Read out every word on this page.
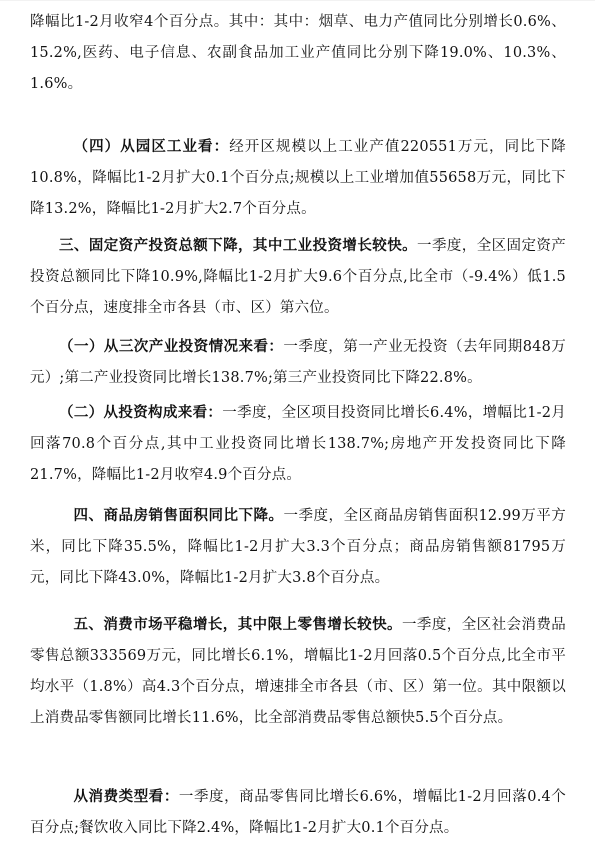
降幅比1-2月收窄4个百分点。其中：其中：烟草、电力产值同比分别增长0.6%、15.2%,医药、电子信息、农副食品加工业产值同比分别下降19.0%、10.3%、1.6%。

（四）从园区工业看：经开区规模以上工业产值220551万元，同比下降10.8%，降幅比1-2月扩大0.1个百分点;规模以上工业增加值55658万元，同比下降13.2%，降幅比1-2月扩大2.7个百分点。

三、固定资产投资总额下降，其中工业投资增长较快。一季度，全区固定资产投资总额同比下降10.9%,降幅比1-2月扩大9.6个百分点,比全市（-9.4%）低1.5个百分点，速度排全市各县（市、区）第六位。

（一）从三次产业投资情况来看：一季度，第一产业无投资（去年同期848万元）;第二产业投资同比增长138.7%;第三产业投资同比下降22.8%。

（二）从投资构成来看：一季度，全区项目投资同比增长6.4%，增幅比1-2月回落70.8个百分点,其中工业投资同比增长138.7%;房地产开发投资同比下降21.7%，降幅比1-2月收窄4.9个百分点。

四、商品房销售面积同比下降。一季度，全区商品房销售面积12.99万平方米，同比下降35.5%，降幅比1-2月扩大3.3个百分点；商品房销售额81795万元，同比下降43.0%，降幅比1-2月扩大3.8个百分点。

五、消费市场平稳增长，其中限上零售增长较快。一季度，全区社会消费品零售总额333569万元，同比增长6.1%，增幅比1-2月回落0.5个百分点,比全市平均水平（1.8%）高4.3个百分点，增速排全市各县（市、区）第一位。其中限额以上消费品零售额同比增长11.6%，比全部消费品零售总额快5.5个百分点。

从消费类型看：一季度，商品零售同比增长6.6%，增幅比1-2月回落0.4个百分点;餐饮收入同比下降2.4%，降幅比1-2月扩大0.1个百分点。
